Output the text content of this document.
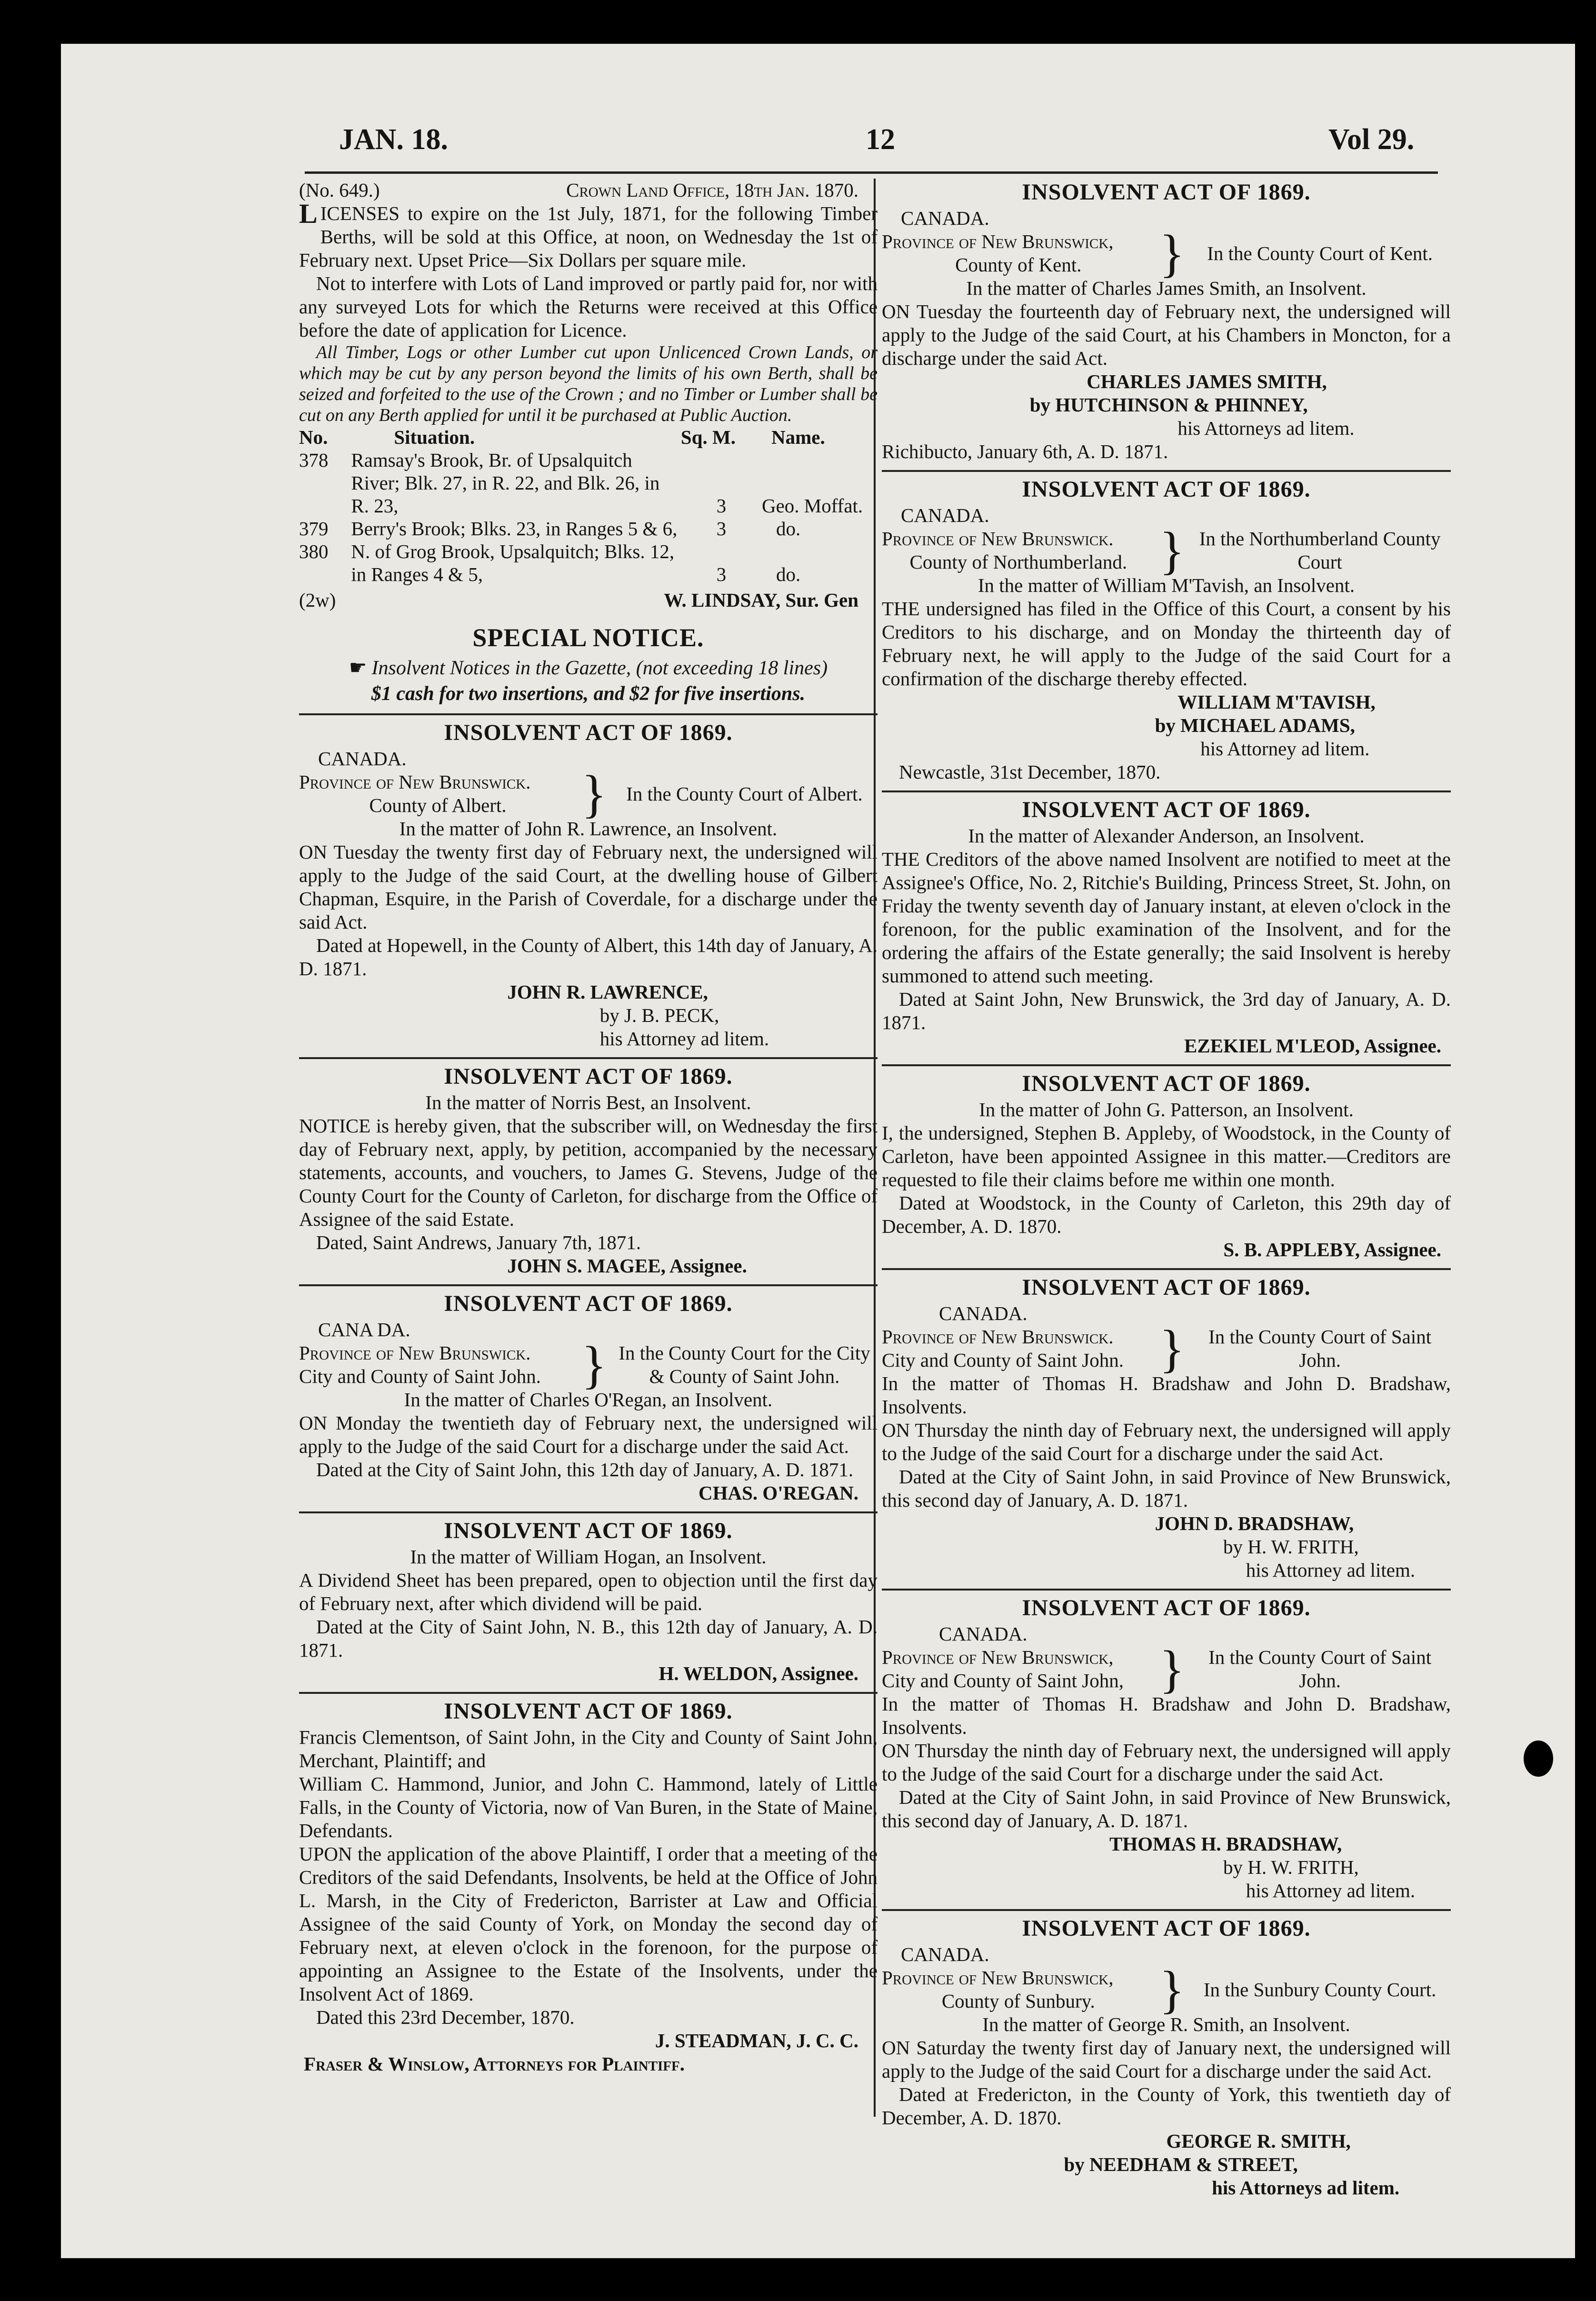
JAN. 18.	12	Vol 29.
(No. 649.)	Crown Land Office, 18th Jan. 1870.

L ICENSES to expire on the 1st July, 1871, for the following Timber Berths, will be sold at this Office, at noon, on Wednesday the 1st of February next. Upset Price—Six Dollars per square mile.

Not to interfere with Lots of Land improved or partly paid for, nor with any surveyed Lots for which the Returns were received at this Office before the date of application for Licence.

All Timber, Logs or other Lumber cut upon Unlicenced Crown Lands, or which may be cut by any person beyond the limits of his own Berth, shall be seized and forfeited to the use of the Crown ; and no Timber or Lumber shall be cut on any Berth applied for until it be purchased at Public Auction.

No.	Situation.	Sq. M.	Name.
378	Ramsay's Brook, Br. of Upsalquitch River; Blk. 27, in R. 22, and Blk. 26, in R. 23,	3	Geo. Moffat.
379	Berry's Brook; Blks. 23, in Ranges 5 & 6,	3	do.
380	N. of Grog Brook, Upsalquitch; Blks. 12, in Ranges 4 & 5,	3	do.
(2w)	W. LINDSAY, Sur. Gen
SPECIAL NOTICE.
☛ Insolvent Notices in the Gazette, (not exceeding 18 lines)
$1 cash for two insertions, and $2 for five insertions.
INSOLVENT ACT OF 1869.
CANADA.
Province of New Brunswick.
County of Albert.	}	In the County Court of Albert.

In the matter of John R. Lawrence, an Insolvent.

ON Tuesday the twenty first day of February next, the undersigned will apply to the Judge of the said Court, at the dwelling house of Gilbert Chapman, Esquire, in the Parish of Coverdale, for a discharge under the said Act.

Dated at Hopewell, in the County of Albert, this 14th day of January, A. D. 1871.

JOHN R. LAWRENCE,
by J. B. PECK,
his Attorney ad litem.
INSOLVENT ACT OF 1869.

In the matter of Norris Best, an Insolvent.

NOTICE is hereby given, that the subscriber will, on Wednesday the first day of February next, apply, by petition, accompanied by the necessary statements, accounts, and vouchers, to James G. Stevens, Judge of the County Court for the County of Carleton, for discharge from the Office of Assignee of the said Estate.

Dated, Saint Andrews, January 7th, 1871.

JOHN S. MAGEE, Assignee.
INSOLVENT ACT OF 1869.
CANA DA.
Province of New Brunswick.
City and County of Saint John. } In the County Court for the City & County of Saint John.

In the matter of Charles O'Regan, an Insolvent.

ON Monday the twentieth day of February next, the undersigned will apply to the Judge of the said Court for a discharge under the said Act.

Dated at the City of Saint John, this 12th day of January, A. D. 1871.

CHAS. O'REGAN.
INSOLVENT ACT OF 1869.

In the matter of William Hogan, an Insolvent.

A Dividend Sheet has been prepared, open to objection until the first day of February next, after which dividend will be paid.

Dated at the City of Saint John, N. B., this 12th day of January, A. D. 1871.

H. WELDON, Assignee.
INSOLVENT ACT OF 1869.

Francis Clementson, of Saint John, in the City and County of Saint John, Merchant, Plaintiff; and

William C. Hammond, Junior, and John C. Hammond, lately of Little Falls, in the County of Victoria, now of Van Buren, in the State of Maine, Defendants.

UPON the application of the above Plaintiff, I order that a meeting of the Creditors of the said Defendants, Insolvents, be held at the Office of John L. Marsh, in the City of Fredericton, Barrister at Law and Official Assignee of the said County of York, on Monday the second day of February next, at eleven o'clock in the forenoon, for the purpose of appointing an Assignee to the Estate of the Insolvents, under the Insolvent Act of 1869.

Dated this 23rd December, 1870.

J. STEADMAN, J. C. C.
Fraser & Winslow, Attorneys for Plaintiff.
INSOLVENT ACT OF 1869.
CANADA.
Province of New Brunswick,
County of Kent.	}	In the County Court of Kent.

In the matter of Charles James Smith, an Insolvent.

ON Tuesday the fourteenth day of February next, the undersigned will apply to the Judge of the said Court, at his Chambers in Moncton, for a discharge under the said Act.

CHARLES JAMES SMITH,
by HUTCHINSON & PHINNEY,
his Attorneys ad litem.

Richibucto, January 6th, A. D. 1871.

INSOLVENT ACT OF 1869.
CANADA.
Province of New Brunswick.
County of Northumberland. } In the Northumberland County Court

In the matter of William M'Tavish, an Insolvent.

THE undersigned has filed in the Office of this Court, a consent by his Creditors to his discharge, and on Monday the thirteenth day of February next, he will apply to the Judge of the said Court for a confirmation of the discharge thereby effected.

WILLIAM M'TAVISH,
by MICHAEL ADAMS,
his Attorney ad litem.

Newcastle, 31st December, 1870.

INSOLVENT ACT OF 1869.

In the matter of Alexander Anderson, an Insolvent.

THE Creditors of the above named Insolvent are notified to meet at the Assignee's Office, No. 2, Ritchie's Building, Princess Street, St. John, on Friday the twenty seventh day of January instant, at eleven o'clock in the forenoon, for the public examination of the Insolvent, and for the ordering the affairs of the Estate generally; the said Insolvent is hereby summoned to attend such meeting.

Dated at Saint John, New Brunswick, the 3rd day of January, A. D. 1871.

EZEKIEL M'LEOD, Assignee.
INSOLVENT ACT OF 1869.

In the matter of John G. Patterson, an Insolvent.

I, the undersigned, Stephen B. Appleby, of Woodstock, in the County of Carleton, have been appointed Assignee in this matter.—Creditors are requested to file their claims before me within one month.

Dated at Woodstock, in the County of Carleton, this 29th day of December, A. D. 1870.

S. B. APPLEBY, Assignee.
INSOLVENT ACT OF 1869.
CANADA.
Province of New Brunswick.
City and County of Saint John. }	In the County Court of Saint John.

In the matter of Thomas H. Bradshaw and John D. Bradshaw, Insolvents.

ON Thursday the ninth day of February next, the undersigned will apply to the Judge of the said Court for a discharge under the said Act.

Dated at the City of Saint John, in said Province of New Brunswick, this second day of January, A. D. 1871.

JOHN D. BRADSHAW,
by H. W. FRITH,
his Attorney ad litem.
INSOLVENT ACT OF 1869.
CANADA.
Province of New Brunswick,
City and County of Saint John, }	In the County Court of Saint John.

In the matter of Thomas H. Bradshaw and John D. Bradshaw, Insolvents.

ON Thursday the ninth day of February next, the undersigned will apply to the Judge of the said Court for a discharge under the said Act.

Dated at the City of Saint John, in said Province of New Brunswick, this second day of January, A. D. 1871.

THOMAS H. BRADSHAW,
by H. W. FRITH,
his Attorney ad litem.
INSOLVENT ACT OF 1869.
CANADA.
Province of New Brunswick,
County of Sunbury.	} In the Sunbury County Court.

In the matter of George R. Smith, an Insolvent.

ON Saturday the twenty first day of January next, the undersigned will apply to the Judge of the said Court for a discharge under the said Act.

Dated at Fredericton, in the County of York, this twentieth day of December, A. D. 1870.

GEORGE R. SMITH,
by NEEDHAM & STREET,
his Attorneys ad litem.
